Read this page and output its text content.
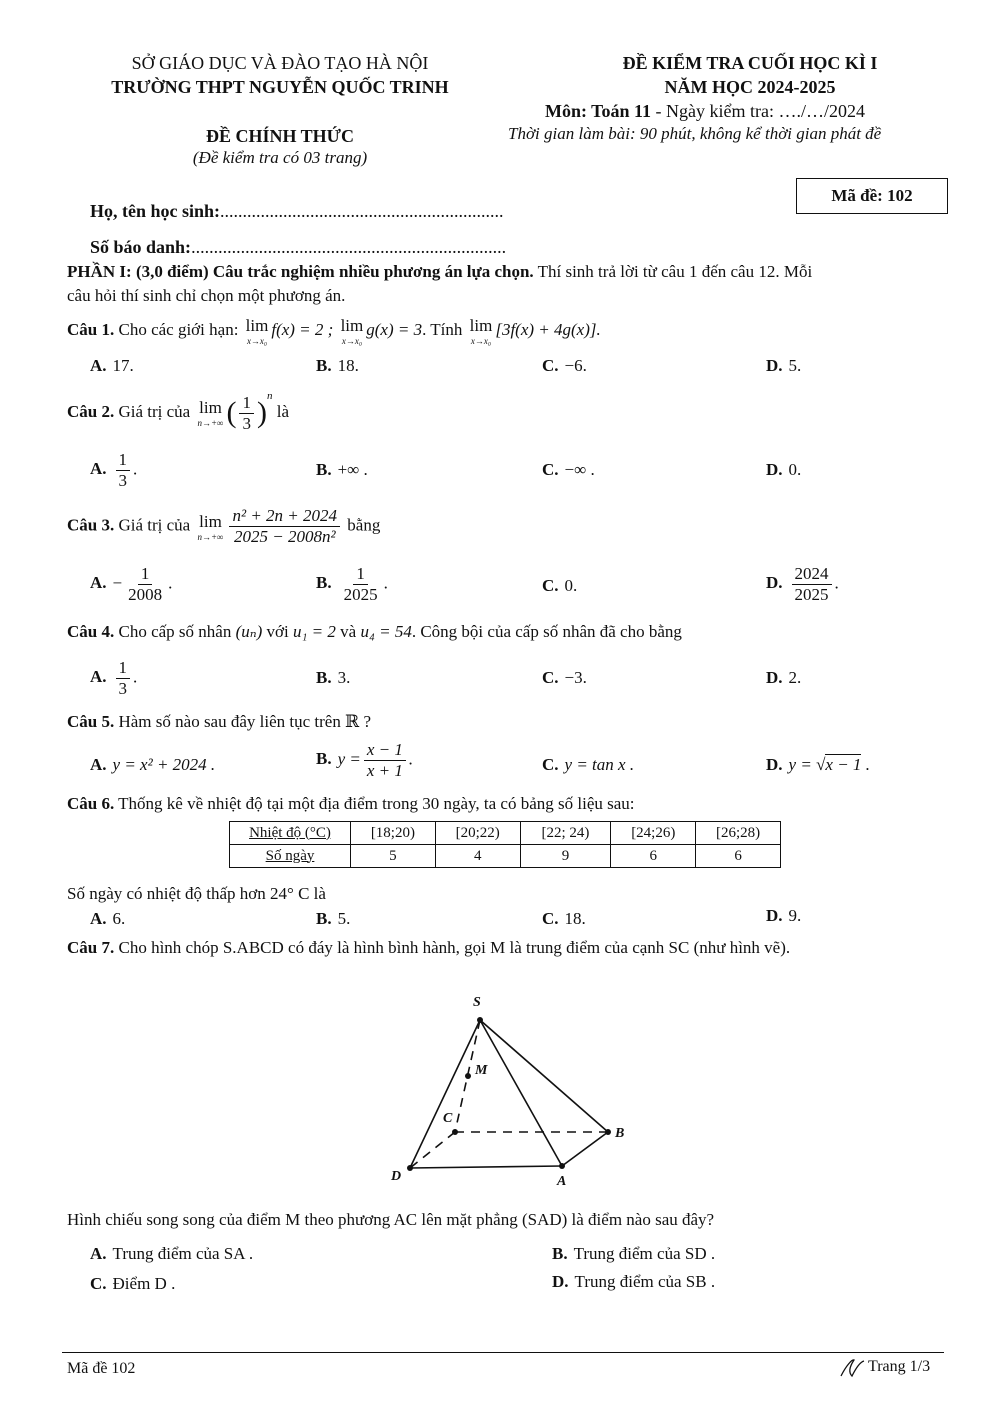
SỞ GIÁO DỤC VÀ ĐÀO TẠO HÀ NỘI
TRƯỜNG THPT NGUYỄN QUỐC TRINH
ĐỀ CHÍNH THỨC
(Đề kiểm tra có 03 trang)
ĐỀ KIỂM TRA CUỐI HỌC KÌ I
NĂM HỌC 2024-2025
Môn: Toán 11 - Ngày kiểm tra: …./…/2024
Thời gian làm bài: 90 phút, không kể thời gian phát đề
Mã đề: 102
Họ, tên học sinh:...............................................................
Số báo danh:......................................................................
PHẦN I: (3,0 điểm) Câu trắc nghiệm nhiều phương án lựa chọn. Thí sinh trả lời từ câu 1 đến câu 12. Mỗi
câu hỏi thí sinh chỉ chọn một phương án.
Câu 1. Cho các giới hạn: lim
x→x₀
f(x) = 2 ; lim
x→x₀
g(x) = 3. Tính lim
x→x₀
[3f(x) + 4g(x)].
A. 17.	B. 18.	C. −6.	D. 5.
Câu 2. Giá trị của lim
n→+∞ ( $\frac{1}{3} )^n$ là
A. $\frac{1}{3}$ .	B. +∞ .	C. −∞ .	D. 0.
Câu 3. Giá trị của lim
$n\to+\infty \frac{\text{n² + 2n + 2024}}{\text{2025 − 2008n²}}$ bằng
A. − $\frac{1}{2008}$ .	B. $\frac{1}{2025}$ .	C. 0.	D. $\frac{2024}{2025}$ .
Câu 4. Cho cấp số nhân (uₙ) với u₁ = 2 và u₄ = 54. Công bội của cấp số nhân đã cho bằng
A. $\frac{1}{3}$ .	B. 3.	C. −3.	D. 2.
Câu 5. Hàm số nào sau đây liên tục trên ℝ ?
A. y = x² + 2024 .	B. $y = \frac{x - 1}{x + 1}$ .	C. y = tan x .	D. y = √x − 1 .
Câu 6. Thống kê về nhiệt độ tại một địa điểm trong 30 ngày, ta có bảng số liệu sau:
Nhiệt độ (°C)	[18;20)	[20;22)	[22; 24)	[24;26)	[26;28)
Số ngày	5	4	9	6	6
Số ngày có nhiệt độ thấp hơn 24° C là
A. 6.	B. 5.	C. 18.	D. 9.
Câu 7. Cho hình chóp S.ABCD có đáy là hình bình hành, gọi M là trung điểm của cạnh SC (như hình vẽ).
S
M
C
B
D	A
Hình chiếu song song của điểm M theo phương AC lên mặt phẳng (SAD) là điểm nào sau đây?
A. Trung điểm của SA .	B. Trung điểm của SD .
C. Điểm D .	D. Trung điểm của SB .
Mã đề 102	Trang 1/3
